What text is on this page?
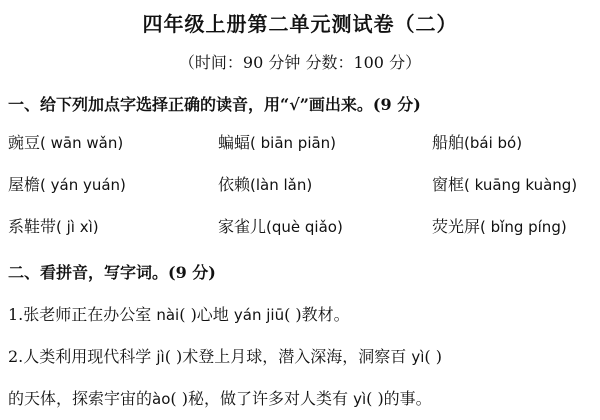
四年级上册第二单元测试卷（二）
（时间：90 分钟 分数：100 分）
一、给下列加点字选择正确的读音，用“√”画出来。(9 分)
豌豆( wān wǎn)	蝙蝠( biān piān)	船舶(bái bó)
屋檐( yán yuán)	依赖(làn lǎn)	窗框( kuāng kuàng)
系鞋带( jì xì)	家雀儿(què qiǎo)	荧光屏( bǐng píng)
二、看拼音，写字词。(9 分)
1.张老师正在办公室 nài( )心地 yán jiū( )教材。
2.人类利用现代科学 jì( )术登上月球，潜入深海，洞察百 yì( )
的天体，探索宇宙的ào( )秘，做了许多对人类有 yì( )的事。
